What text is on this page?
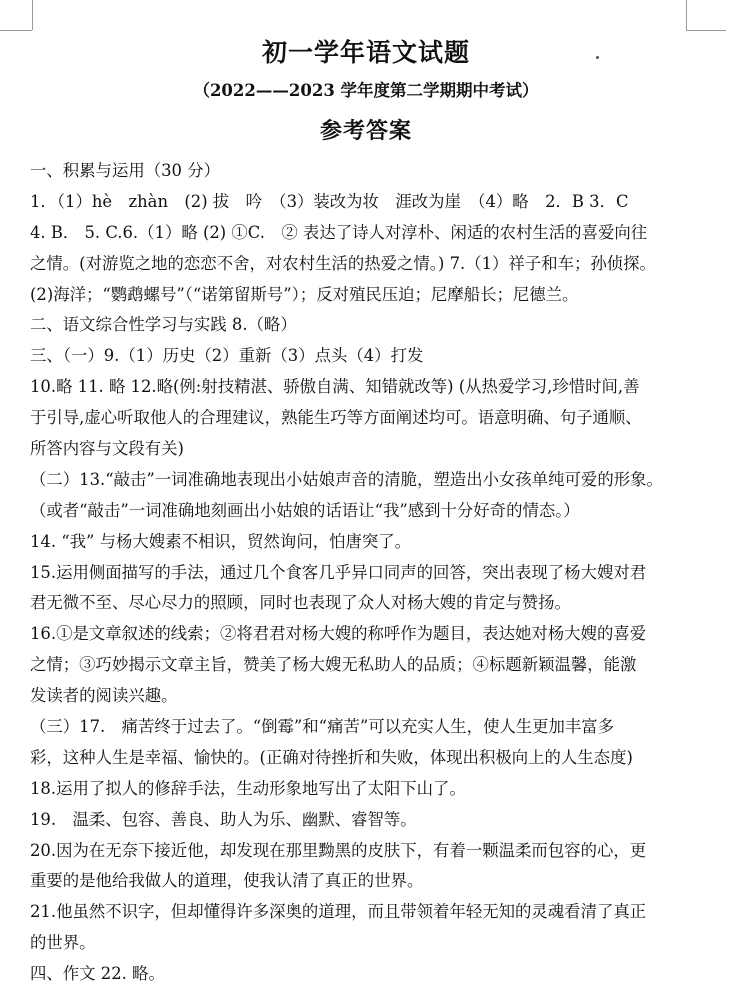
初一学年语文试题
（2022——2023 学年度第二学期期中考试）
参考答案
一、积累与运用（30 分）
1．（1）hè　zhàn　(2) 拔　吟　（3）装改为妆　涯改为崖　（4）略　2．B 3．C
4. B． 5. C.6.（1）略 (2) ①C.　② 表达了诗人对淳朴、闲适的农村生活的喜爱向往
之情。(对游览之地的恋恋不舍，对农村生活的热爱之情。) 7.（1）祥子和车；孙侦探。
(2)海洋；“鹦鹉螺号”（“诺第留斯号”）；反对殖民压迫；尼摩船长；尼德兰。
二、语文综合性学习与实践 8.（略）
三、（一）9.（1）历史（2）重新（3）点头（4）打发
10.略 11. 略 12.略(例:射技精湛、骄傲自满、知错就改等) (从热爱学习,珍惜时间,善
于引导,虚心听取他人的合理建议，熟能生巧等方面阐述均可。语意明确、句子通顺、
所答内容与文段有关)
（二）13.“敲击”一词准确地表现出小姑娘声音的清脆，塑造出小女孩单纯可爱的形象。
（或者“敲击”一词准确地刻画出小姑娘的话语让“我”感到十分好奇的情态。）
14. “我” 与杨大嫂素不相识，贸然询问，怕唐突了。
15.运用侧面描写的手法，通过几个食客几乎异口同声的回答，突出表现了杨大嫂对君
君无微不至、尽心尽力的照顾，同时也表现了众人对杨大嫂的肯定与赞扬。
16.①是文章叙述的线索；②将君君对杨大嫂的称呼作为题目，表达她对杨大嫂的喜爱
之情；③巧妙揭示文章主旨，赞美了杨大嫂无私助人的品质；④标题新颖温馨，能激
发读者的阅读兴趣。
（三）17.　痛苦终于过去了。“倒霉”和“痛苦”可以充实人生，使人生更加丰富多
彩，这种人生是幸福、愉快的。(正确对待挫折和失败，体现出积极向上的人生态度)
18.运用了拟人的修辞手法，生动形象地写出了太阳下山了。
19.　温柔、包容、善良、助人为乐、幽默、睿智等。
20.因为在无奈下接近他，却发现在那里黝黑的皮肤下，有着一颗温柔而包容的心，更
重要的是他给我做人的道理，使我认清了真正的世界。
21.他虽然不识字，但却懂得许多深奥的道理，而且带领着年轻无知的灵魂看清了真正
的世界。
四、作文 22. 略。
